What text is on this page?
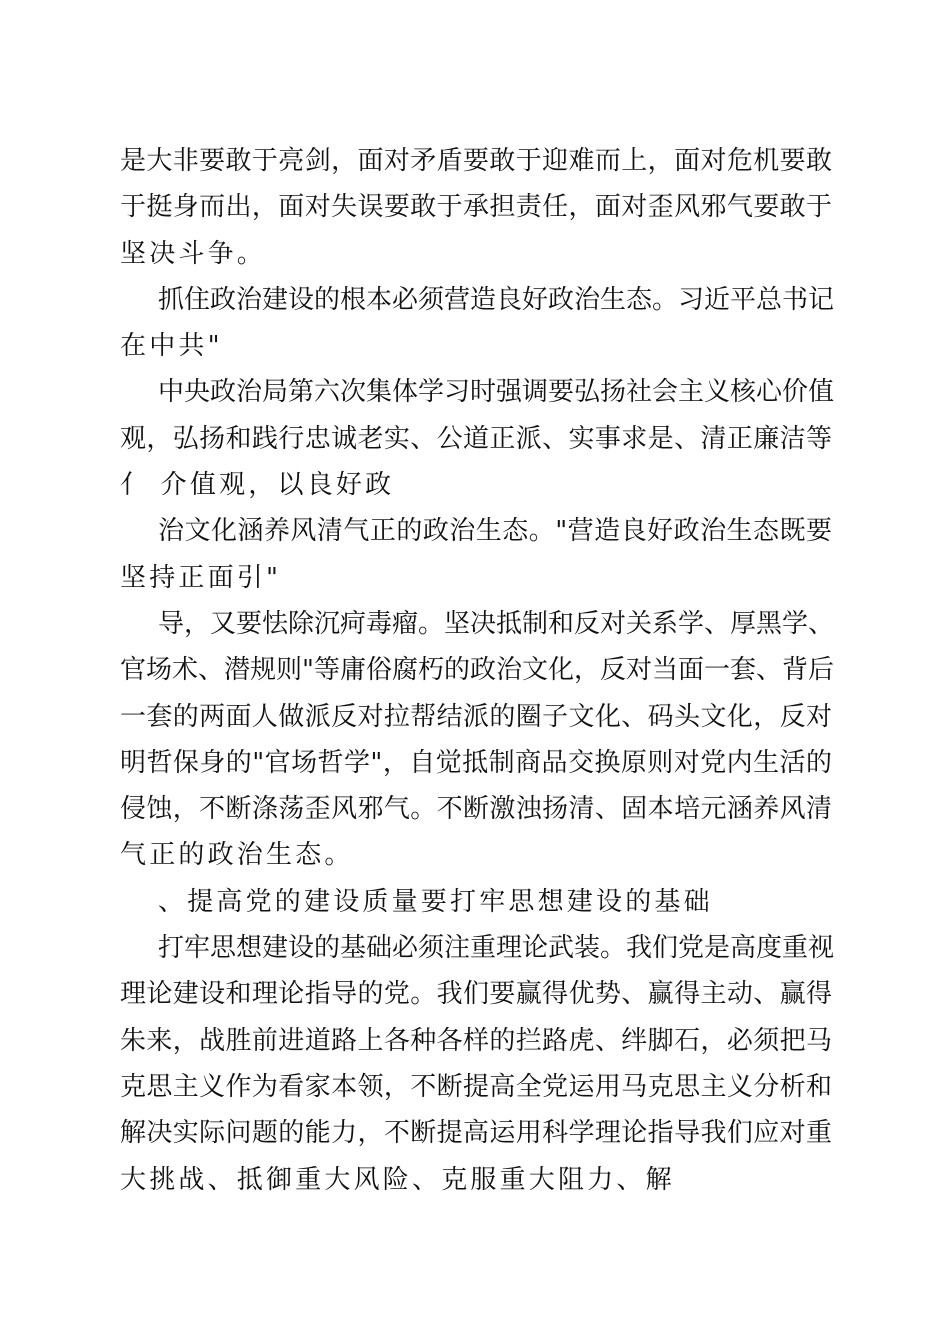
是大非要敢于亮剑，面对矛盾要敢于迎难而上，面对危机要敢
于挺身而出，面对失误要敢于承担责任，面对歪风邪气要敢于
坚决斗争。
抓住政治建设的根本必须营造良好政治生态。习近平总书记
在中共"
中央政治局第六次集体学习时强调要弘扬社会主义核心价值
观，弘扬和践行忠诚老实、公道正派、实事求是、清正廉洁等
亻 介值观，以良好政
治文化涵养风清气正的政治生态。"营造良好政治生态既要
坚持正面引"
导，又要怯除沉疴毒瘤。坚决抵制和反对关系学、厚黑学、
官场术、潜规则"等庸俗腐朽的政治文化，反对当面一套、背后
一套的两面人做派反对拉帮结派的圈子文化、码头文化，反对
明哲保身的"官场哲学"，自觉抵制商品交换原则对党内生活的
侵蚀，不断涤荡歪风邪气。不断激浊扬清、固本培元涵养风清
气正的政治生态。
、提高党的建设质量要打牢思想建设的基础
打牢思想建设的基础必须注重理论武装。我们党是高度重视
理论建设和理论指导的党。我们要赢得优势、赢得主动、赢得
朱来，战胜前进道路上各种各样的拦路虎、绊脚石，必须把马
克思主义作为看家本领，不断提高全党运用马克思主义分析和
解决实际问题的能力，不断提高运用科学理论指导我们应对重
大挑战、抵御重大风险、克服重大阻力、解
